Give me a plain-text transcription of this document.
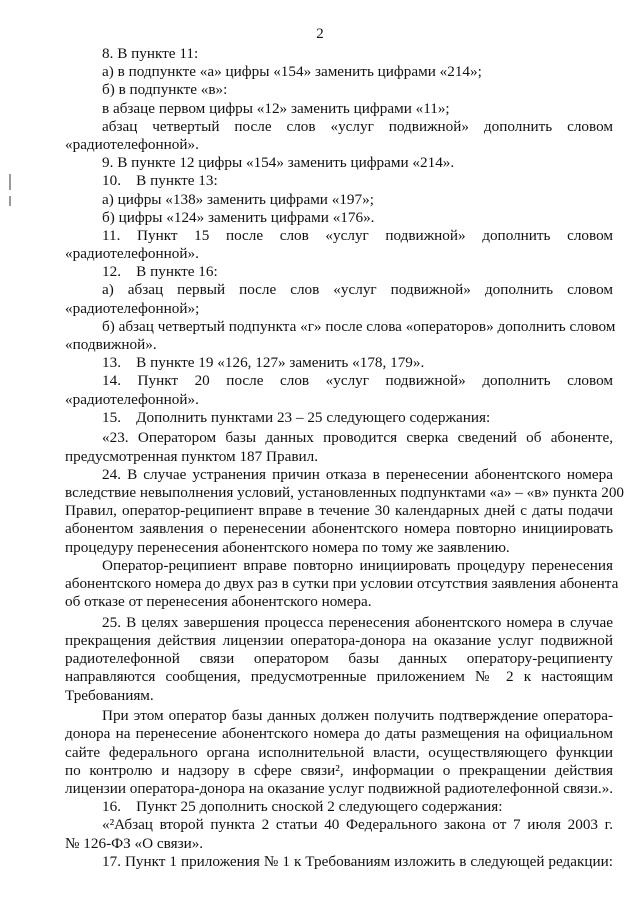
2
8. В пункте 11:
а) в подпункте «а» цифры «154» заменить цифрами «214»;
б) в подпункте «в»:
в абзаце первом цифры «12» заменить цифрами «11»;
абзац четвертый после слов «услуг подвижной» дополнить словом
«радиотелефонной».
9. В пункте 12 цифры «154» заменить цифрами «214».
10.    В пункте 13:
а) цифры «138» заменить цифрами «197»;
б) цифры «124» заменить цифрами «176».
11. Пункт 15 после слов «услуг подвижной» дополнить словом
«радиотелефонной».
12.    В пункте 16:
а) абзац первый после слов «услуг подвижной» дополнить словом
«радиотелефонной»;
б) абзац четвертый подпункта «г» после слова «операторов» дополнить словом
«подвижной».
13.    В пункте 19 «126, 127» заменить «178, 179».
14. Пункт 20 после слов «услуг подвижной» дополнить словом
«радиотелефонной».
15.    Дополнить пунктами 23 – 25 следующего содержания:
«23. Оператором базы данных проводится сверка сведений об абоненте,
предусмотренная пунктом 187 Правил.
24. В случае устранения причин отказа в перенесении абонентского номера
вследствие невыполнения условий, установленных подпунктами «а» – «в» пункта 200
Правил, оператор-реципиент вправе в течение 30 календарных дней с даты подачи
абонентом заявления о перенесении абонентского номера повторно инициировать
процедуру перенесения абонентского номера по тому же заявлению.
Оператор-реципиент вправе повторно инициировать процедуру перенесения
абонентского номера до двух раз в сутки при условии отсутствия заявления абонента
об отказе от перенесения абонентского номера.
25. В целях завершения процесса перенесения абонентского номера в случае
прекращения действия лицензии оператора-донора на оказание услуг подвижной
радиотелефонной связи оператором базы данных оператору-реципиенту
направляются сообщения, предусмотренные приложением № 2 к настоящим
Требованиям.
При этом оператор базы данных должен получить подтверждение оператора-
донора на перенесение абонентского номера до даты размещения на официальном
сайте федерального органа исполнительной власти, осуществляющего функции
по контролю и надзору в сфере связи², информации о прекращении действия
лицензии оператора-донора на оказание услуг подвижной радиотелефонной связи.».
16.    Пункт 25 дополнить сноской 2 следующего содержания:
«²Абзац второй пункта 2 статьи 40 Федерального закона от 7 июля 2003 г.
№ 126-ФЗ «О связи».
17. Пункт 1 приложения № 1 к Требованиям изложить в следующей редакции:
